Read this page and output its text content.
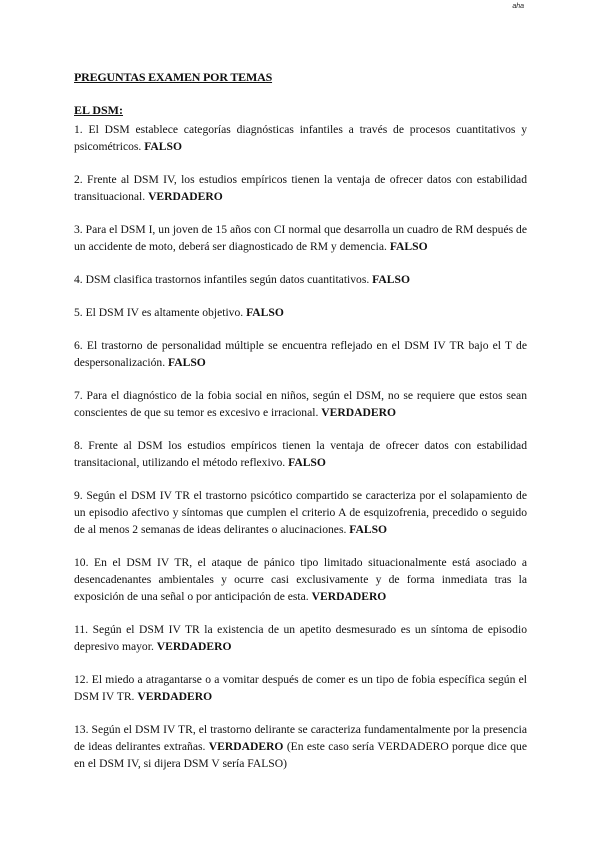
aha
PREGUNTAS EXAMEN POR TEMAS
EL DSM:

1. El DSM establece categorías diagnósticas infantiles a través de procesos cuantitativos y psicométricos. FALSO

2. Frente al DSM IV, los estudios empíricos tienen la ventaja de ofrecer datos con estabilidad transituacional. VERDADERO

3. Para el DSM I, un joven de 15 años con CI normal que desarrolla un cuadro de RM después de un accidente de moto, deberá ser diagnosticado de RM y demencia. FALSO

4. DSM clasifica trastornos infantiles según datos cuantitativos. FALSO

5. El DSM IV es altamente objetivo. FALSO

6. El trastorno de personalidad múltiple se encuentra reflejado en el DSM IV TR bajo el T de despersonalización. FALSO

7. Para el diagnóstico de la fobia social en niños, según el DSM, no se requiere que estos sean conscientes de que su temor es excesivo e irracional. VERDADERO

8. Frente al DSM los estudios empíricos tienen la ventaja de ofrecer datos con estabilidad transitacional, utilizando el método reflexivo. FALSO

9. Según el DSM IV TR el trastorno psicótico compartido se caracteriza por el solapamiento de un episodio afectivo y síntomas que cumplen el criterio A de esquizofrenia, precedido o seguido de al menos 2 semanas de ideas delirantes o alucinaciones. FALSO

10. En el DSM IV TR, el ataque de pánico tipo limitado situacionalmente está asociado a desencadenantes ambientales y ocurre casi exclusivamente y de forma inmediata tras la exposición de una señal o por anticipación de esta. VERDADERO

11. Según el DSM IV TR la existencia de un apetito desmesurado es un síntoma de episodio depresivo mayor. VERDADERO

12. El miedo a atragantarse o a vomitar después de comer es un tipo de fobia específica según el DSM IV TR. VERDADERO

13. Según el DSM IV TR, el trastorno delirante se caracteriza fundamentalmente por la presencia de ideas delirantes extrañas. VERDADERO (En este caso sería VERDADERO porque dice que en el DSM IV, si dijera DSM V sería FALSO)
